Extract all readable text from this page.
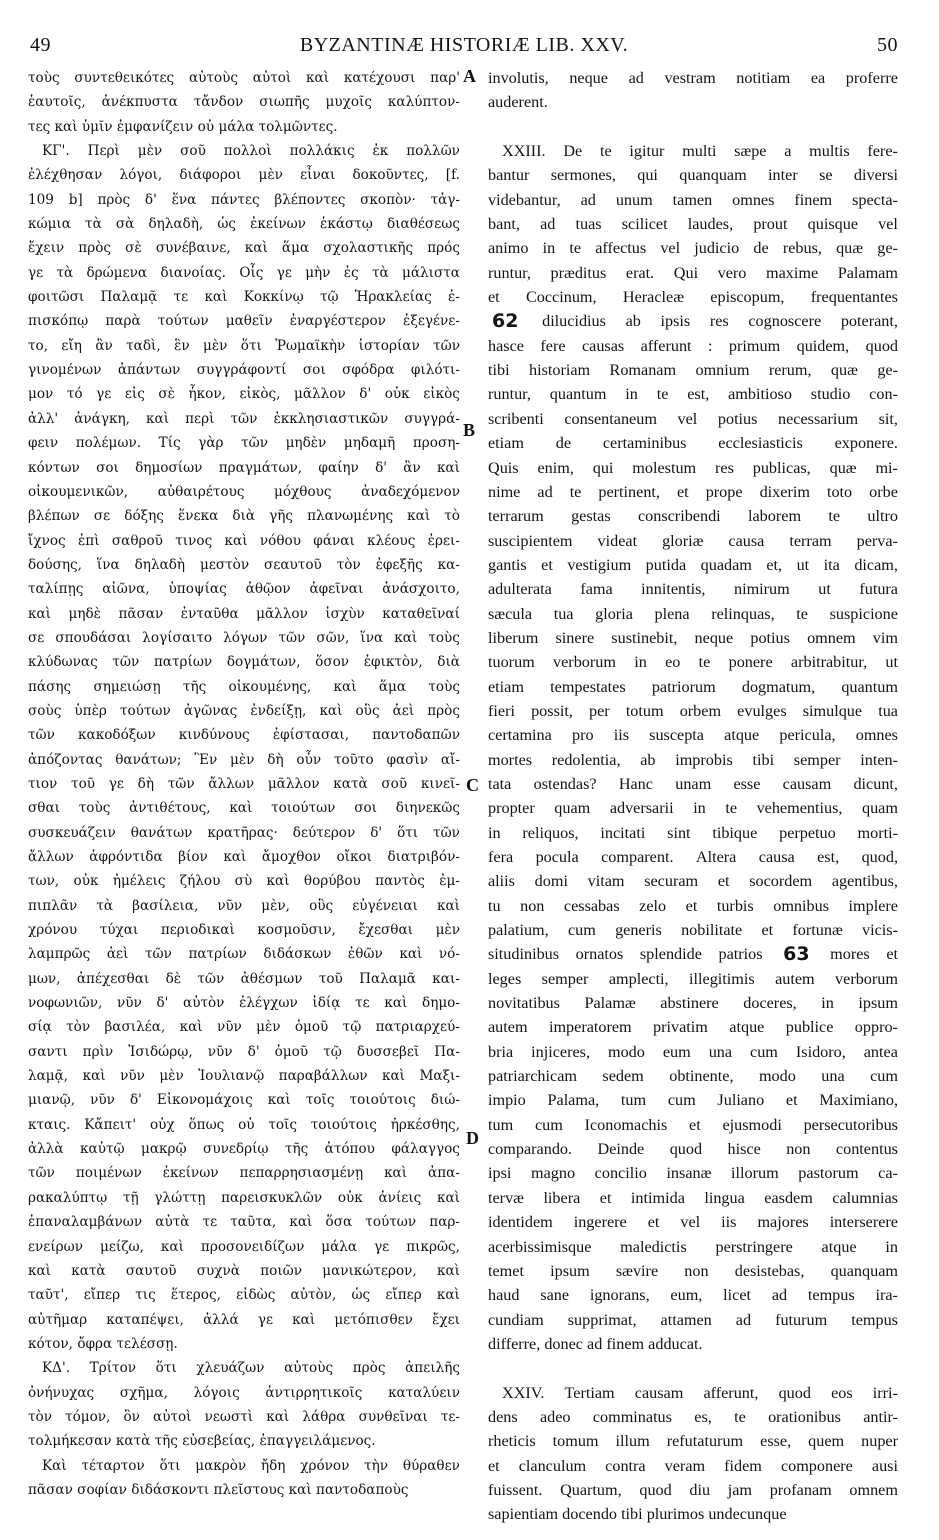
49	BYZANTINÆ HISTORIÆ LIB. XXV.	50
τοὺς συντεθεικότες αὐτοὺς αὐτοὶ καὶ κατέχουσι παρ'
ἑαυτοῖς, ἀνέκπυστα τἄνδον σιωπῆς μυχοῖς καλύπτον-
τες
καὶ
ὑμῖν
ἐμφανίζειν
οὐ
μάλα
τολμῶντες.

ΚΓ'. Περὶ μὲν σοῦ πολλοὶ πολλάκις ἐκ πολλῶν
ἐλέχθησαν λόγοι, διάφοροι μὲν εἶναι δοκοῦντες, [f.
109 b] πρὸς δ' ἕνα πάντες βλέποντες σκοπὸν· τἀγ-
κώμια τὰ σὰ δηλαδὴ, ὡς ἐκείνων ἑκάστῳ διαθέσεως
ἔχειν πρὸς σὲ συνέβαινε, καὶ ἅμα σχολαστικῆς πρός
γε τὰ δρώμενα διανοίας. Οἷς γε μὴν ἐς τὰ μάλιστα
φοιτῶσι Παλαμᾷ τε καὶ Κοκκίνῳ τῷ Ἡρακλείας ἐ-
πισκόπῳ παρὰ τούτων μαθεῖν ἐναργέστερον ἐξεγένε-
το, εἴη ἂν ταδὶ, ἓν μὲν ὅτι Ῥωμαϊκὴν ἱστορίαν τῶν
γινομένων ἁπάντων συγγράφοντί σοι σφόδρα φιλότι-
μον τό γε εἰς σὲ ἧκον, εἰκὸς, μᾶλλον δ' οὐκ εἰκὸς
ἀλλ' ἀνάγκη, καὶ περὶ τῶν ἐκκλησιαστικῶν συγγρά-
φειν πολέμων. Τίς γὰρ τῶν μηδὲν μηδαμῆ προση-
κόντων σοι δημοσίων πραγμάτων, φαίην δ' ἂν καὶ
οἰκουμενικῶν, αὐθαιρέτους μόχθους ἀναδεχόμενον
βλέπων σε δόξης ἕνεκα διὰ γῆς πλανωμένης καὶ τὸ
ἴχνος ἐπὶ σαθροῦ τινος καὶ νόθου φάναι κλέους ἐρει-
δούσης, ἵνα δηλαδὴ μεστὸν σεαυτοῦ τὸν ἐφεξῆς κα-
ταλίπῃς αἰῶνα, ὑποψίας ἀθῷον ἀφεῖναι ἀνάσχοιτο,
καὶ μηδὲ πᾶσαν ἐνταῦθα μᾶλλον ἰσχὺν καταθεῖναί
σε σπουδάσαι λογίσαιτο λόγων τῶν σῶν, ἵνα καὶ τοὺς
κλύδωνας τῶν πατρίων δογμάτων, ὅσον ἐφικτὸν, διὰ
πάσης σημειώσῃ τῆς οἰκουμένης, καὶ ἅμα τοὺς
σοὺς ὑπὲρ τούτων ἀγῶνας ἐνδείξῃ, καὶ οὓς ἀεὶ πρὸς
τῶν κακοδόξων κινδύνους ἐφίστασαι, παντοδαπῶν
ἀπόζοντας θανάτων; Ἓν μὲν δὴ οὖν τοῦτο φασὶν αἴ-
τιον τοῦ γε δὴ τῶν ἄλλων μᾶλλον κατὰ σοῦ κινεῖ-
σθαι τοὺς ἀντιθέτους, καὶ τοιούτων σοι διηνεκῶς
συσκευάζειν θανάτων κρατῆρας· δεύτερον δ' ὅτι τῶν
ἄλλων ἀφρόντιδα βίον καὶ ἄμοχθον οἴκοι διατριβόν-
των, οὐκ ἠμέλεις ζήλου σὺ καὶ θορύβου παντὸς ἐμ-
πιπλᾶν τὰ βασίλεια, νῦν μὲν, οὓς εὐγένειαι καὶ
χρόνου τύχαι περιοδικαὶ κοσμοῦσιν, ἔχεσθαι μὲν
λαμπρῶς ἀεὶ τῶν πατρίων διδάσκων ἐθῶν καὶ νό-
μων, ἀπέχεσθαι δὲ τῶν ἀθέσμων τοῦ Παλαμᾶ και-
νοφωνιῶν, νῦν δ' αὐτὸν ἐλέγχων ἰδίᾳ τε καὶ δημο-
σίᾳ τὸν βασιλέα, καὶ νῦν μὲν ὁμοῦ τῷ πατριαρχεύ-
σαντι πρὶν Ἰσιδώρῳ, νῦν δ' ὁμοῦ τῷ δυσσεβεῖ Πα-
λαμᾷ, καὶ νῦν μὲν Ἰουλιανῷ παραβάλλων καὶ Μαξι-
μιανῷ, νῦν δ' Εἰκονομάχοις καὶ τοῖς τοιούτοις διώ-
κταις. Κἄπειτ' οὐχ ὅπως οὐ τοῖς τοιούτοις ἠρκέσθης,
ἀλλὰ καὐτῷ μακρῷ συνεδρίῳ τῆς ἀτόπου φάλαγγος
τῶν ποιμένων ἐκείνων πεπαρρησιασμένῃ καὶ ἀπα-
ρακαλύπτῳ τῇ γλώττῃ παρεισκυκλῶν οὐκ ἀνίεις καὶ
ἐπαναλαμβάνων αὐτὰ τε ταῦτα, καὶ ὅσα τούτων παρ-
ενείρων μείζω, καὶ προσονειδίζων μάλα γε πικρῶς,
καὶ κατὰ σαυτοῦ συχνὰ ποιῶν μανικώτερον, καὶ
ταῦτ', εἴπερ τις ἕτερος, εἰδὼς αὐτὸν, ὡς εἴπερ καὶ
αὐτῆμαρ καταπέψει, ἀλλά γε καὶ μετόπισθεν ἔχει
κότον,
ὄφρα
τελέσσῃ.

ΚΔ'. Τρίτον ὅτι χλευάζων αὐτοὺς πρὸς ἀπειλῆς
ὀνήνυχας σχῆμα, λόγοις ἀντιρρητικοῖς καταλύειν
τὸν τόμον, ὃν αὐτοὶ νεωστὶ καὶ λάθρα συνθεῖναι τε-
τολμήκεσαν
κατὰ
τῆς
εὐσεβείας,
ἐπαγγειλάμενος.

Καὶ τέταρτον ὅτι μακρὸν ἤδη χρόνον τὴν θύραθεν
πᾶσαν
σοφίαν
διδάσκοντι
πλεῖστους
καὶ
παντοδαποὺς

involutis, neque ad vestram notitiam ea proferre
auderent.

XXIII. De te igitur multi sæpe a multis fere-
bantur sermones, qui quanquam inter se diversi
videbantur, ad unum tamen omnes finem specta-
bant, ad tuas scilicet laudes, prout quisque vel
animo in te affectus vel judicio de rebus, quæ ge-
runtur, præditus erat. Qui vero maxime Palamam
et Coccinum, Heracleæ episcopum, frequentantes
62 dilucidius ab ipsis res cognoscere poterant,
hasce fere causas afferunt : primum quidem, quod
tibi historiam Romanam omnium rerum, quæ ge-
runtur, quantum in te est, ambitioso studio con-
scribenti consentaneum vel potius necessarium sit,
etiam de certaminibus ecclesiasticis exponere.
Quis enim, qui molestum res publicas, quæ mi-
nime ad te pertinent, et prope dixerim toto orbe
terrarum gestas conscribendi laborem te ultro
suscipientem videat gloriæ causa terram perva-
gantis et vestigium putida quadam et, ut ita dicam,
adulterata fama innitentis, nimirum ut futura
sæcula tua gloria plena relinquas, te suspicione
liberum sinere sustinebit, neque potius omnem vim
tuorum verborum in eo te ponere arbitrabitur, ut
etiam tempestates patriorum dogmatum, quantum
fieri possit, per totum orbem evulges simulque tua
certamina pro iis suscepta atque pericula, omnes
mortes redolentia, ab improbis tibi semper inten-
tata ostendas? Hanc unam esse causam dicunt,
propter quam adversarii in te vehementius, quam
in reliquos, incitati sint tibique perpetuo morti-
fera pocula comparent. Altera causa est, quod,
aliis domi vitam securam et socordem agentibus,
tu non cessabas zelo et turbis omnibus implere
palatium, cum generis nobilitate et fortunæ vicis-
situdinibus ornatos splendide patrios 63 mores et
leges semper amplecti, illegitimis autem verborum
novitatibus Palamæ abstinere doceres, in ipsum
autem imperatorem privatim atque publice oppro-
bria injiceres, modo eum una cum Isidoro, antea
patriarchicam sedem obtinente, modo una cum
impio Palama, tum cum Juliano et Maximiano,
tum cum Iconomachis et ejusmodi persecutoribus
comparando. Deinde quod hisce non contentus
ipsi magno concilio insanæ illorum pastorum ca-
tervæ libera et intimida lingua easdem calumnias
identidem ingerere et vel iis majores interserere
acerbissimisque maledictis perstringere atque in
temet ipsum sævire non desistebas, quanquam
haud sane ignorans, eum, licet ad tempus ira-
cundiam supprimat, attamen ad futurum tempus
differre,
donec
ad
finem
adducat.

XXIV. Tertiam causam afferunt, quod eos irri-
dens adeo comminatus es, te orationibus antir-
rheticis tomum illum refutaturum esse, quem nuper
et clanculum contra veram fidem componere ausi
fuissent. Quartum, quod diu jam profanam omnem
sapientiam
docendo
tibi
plurimos
undecunque

A
B
C
D
